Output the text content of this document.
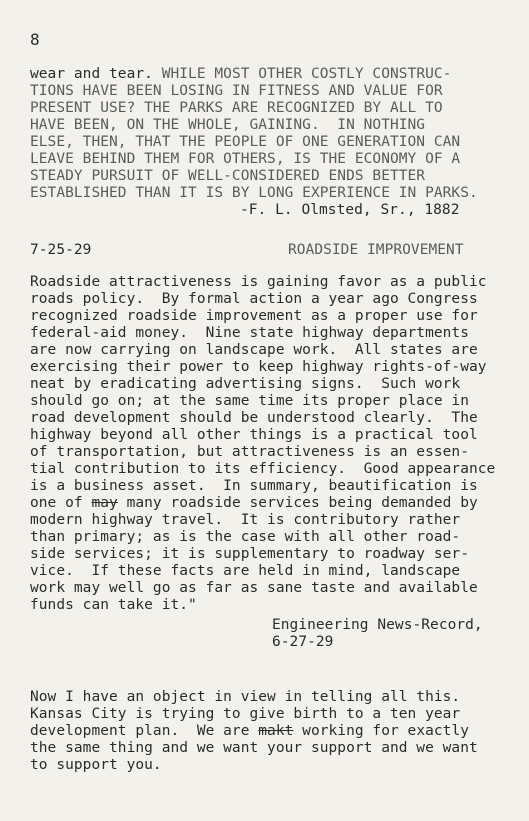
8
wear and tear. WHILE MOST OTHER COSTLY CONSTRUC-
TIONS HAVE BEEN LOSING IN FITNESS AND VALUE FOR
PRESENT USE? THE PARKS ARE RECOGNIZED BY ALL TO
HAVE BEEN, ON THE WHOLE, GAINING.  IN NOTHING
ELSE, THEN, THAT THE PEOPLE OF ONE GENERATION CAN
LEAVE BEHIND THEM FOR OTHERS, IS THE ECONOMY OF A
STEADY PURSUIT OF WELL-CONSIDERED ENDS BETTER
ESTABLISHED THAN IT IS BY LONG EXPERIENCE IN PARKS.
-F. L. Olmsted, Sr., 1882
7-25-29	ROADSIDE IMPROVEMENT
Roadside attractiveness is gaining favor as a public
roads policy.  By formal action a year ago Congress
recognized roadside improvement as a proper use for
federal-aid money.  Nine state highway departments
are now carrying on landscape work.  All states are
exercising their power to keep highway rights-of-way
neat by eradicating advertising signs.  Such work
should go on; at the same time its proper place in
road development should be understood clearly.  The
highway beyond all other things is a practical tool
of transportation, but attractiveness is an essen-
tial contribution to its efficiency.  Good appearance
is a business asset.  In summary, beautification is
one of may many roadside services being demanded by
modern highway travel.  It is contributory rather
than primary; as is the case with all other road-
side services; it is supplementary to roadway ser-
vice.  If these facts are held in mind, landscape
work may well go as far as sane taste and available
funds can take it."
Engineering News-Record,
6-27-29
Now I have an object in view in telling all this.
Kansas City is trying to give birth to a ten year
development plan.  We are makt working for exactly
the same thing and we want your support and we want
to support you.
